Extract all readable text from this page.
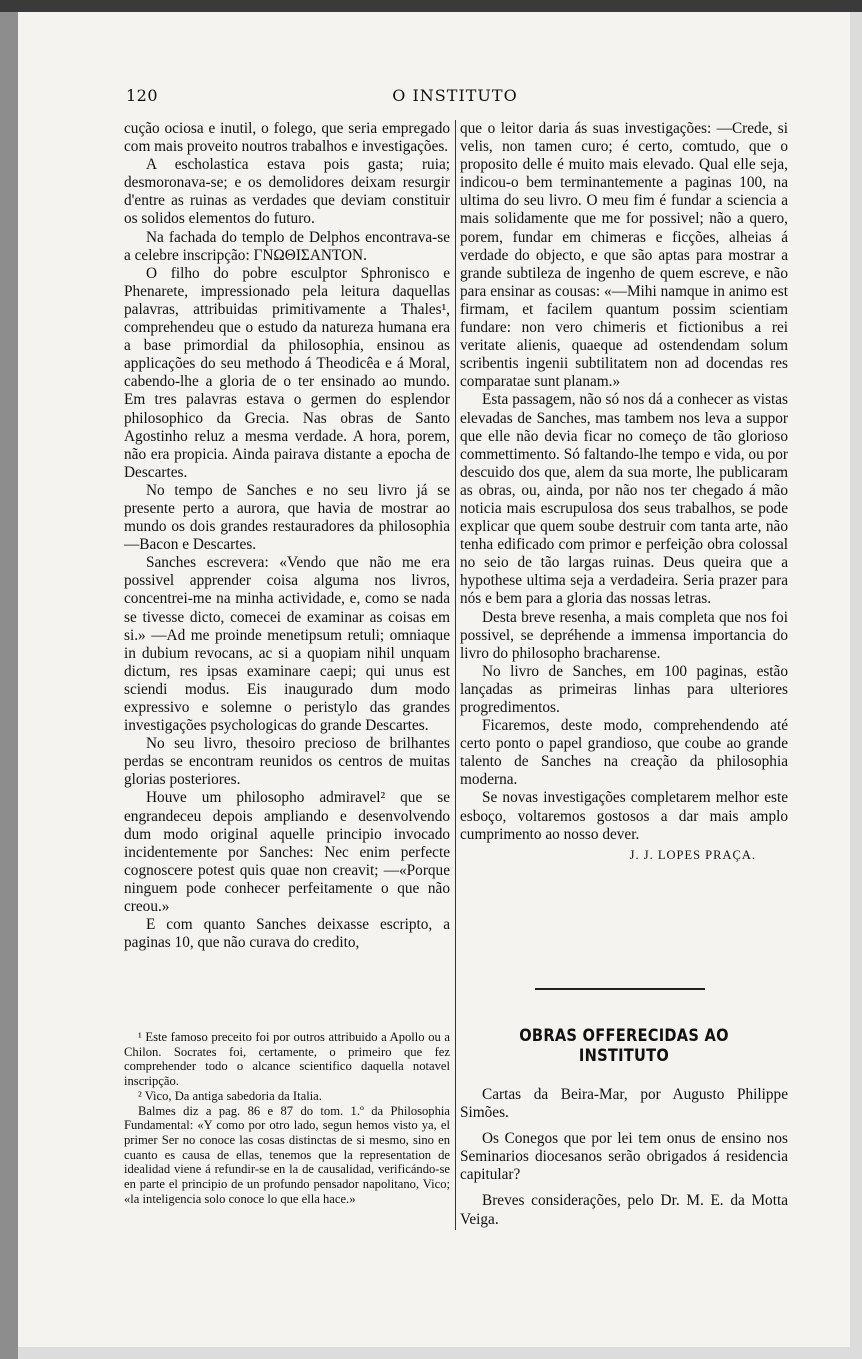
120	O INSTITUTO

cução ociosa e inutil, o folego, que seria empregado com mais proveito noutros trabalhos e investigações.

A escholastica estava pois gasta; ruia; desmoronava-se; e os demolidores deixam resurgir d'entre as ruinas as verdades que deviam constituir os solidos elementos do futuro.

Na fachada do templo de Delphos encontrava-se a celebre inscripção: ΓΝΩΘΙΣΑΝΤΟΝ.

O filho do pobre esculptor Sphronisco e Phenarete, impressionado pela leitura daquellas palavras, attribuidas primitivamente a Thales¹, comprehendeu que o estudo da natureza humana era a base primordial da philosophia, ensinou as applicações do seu methodo á Theodicêa e á Moral, cabendo-lhe a gloria de o ter ensinado ao mundo. Em tres palavras estava o germen do esplendor philosophico da Grecia. Nas obras de Santo Agostinho reluz a mesma verdade. A hora, porem, não era propicia. Ainda pairava distante a epocha de Descartes.

No tempo de Sanches e no seu livro já se presente perto a aurora, que havia de mostrar ao mundo os dois grandes restauradores da philosophia—Bacon e Descartes.

Sanches escrevera: «Vendo que não me era possivel apprender coisa alguma nos livros, concentrei-me na minha actividade, e, como se nada se tivesse dicto, comecei de examinar as coisas em si.» —Ad me proinde menetipsum retuli; omniaque in dubium revocans, ac si a quopiam nihil unquam dictum, res ipsas examinare caepi; qui unus est sciendi modus. Eis inaugurado dum modo expressivo e solemne o peristylo das grandes investigações psychologicas do grande Descartes.

No seu livro, thesoiro precioso de brilhantes perdas se encontram reunidos os centros de muitas glorias posteriores.

Houve um philosopho admiravel² que se engrandeceu depois ampliando e desenvolvendo dum modo original aquelle principio invocado incidentemente por Sanches: Nec enim perfecte cognoscere potest quis quae non creavit; —«Porque ninguem pode conhecer perfeitamente o que não creou.»

E com quanto Sanches deixasse escripto, a paginas 10, que não curava do credito,

¹ Este famoso preceito foi por outros attribuido a Apollo ou a Chilon. Socrates foi, certamente, o primeiro que fez comprehender todo o alcance scientifico daquella notavel inscripção.

² Vico, Da antiga sabedoria da Italia.

Balmes diz a pag. 86 e 87 do tom. 1.º da Philosophia Fundamental: «Y como por otro lado, segun hemos visto ya, el primer Ser no conoce las cosas distinctas de si mesmo, sino en cuanto es causa de ellas, tenemos que la representation de idealidad viene á refundir-se en la de causalidad, verificándo-se en parte el principio de un profundo pensador napolitano, Vico; «la inteligencia solo conoce lo que ella hace.»

que o leitor daria ás suas investigações: —Crede, si velis, non tamen curo; é certo, comtudo, que o proposito delle é muito mais elevado. Qual elle seja, indicou-o bem terminantemente a paginas 100, na ultima do seu livro. O meu fim é fundar a sciencia a mais solidamente que me for possivel; não a quero, porem, fundar em chimeras e ficções, alheias á verdade do objecto, e que são aptas para mostrar a grande subtileza de ingenho de quem escreve, e não para ensinar as cousas: «—Mihi namque in animo est firmam, et facilem quantum possim scientiam fundare: non vero chimeris et fictionibus a rei veritate alienis, quaeque ad ostendendam solum scribentis ingenii subtilitatem non ad docendas res comparatae sunt planam.»

Esta passagem, não só nos dá a conhecer as vistas elevadas de Sanches, mas tambem nos leva a suppor que elle não devia ficar no começo de tão glorioso commettimento. Só faltando-lhe tempo e vida, ou por descuido dos que, alem da sua morte, lhe publicaram as obras, ou, ainda, por não nos ter chegado á mão noticia mais escrupulosa dos seus trabalhos, se pode explicar que quem soube destruir com tanta arte, não tenha edificado com primor e perfeição obra colossal no seio de tão largas ruinas. Deus queira que a hypothese ultima seja a verdadeira. Seria prazer para nós e bem para a gloria das nossas letras.

Desta breve resenha, a mais completa que nos foi possivel, se depréhende a immensa importancia do livro do philosopho bracharense.

No livro de Sanches, em 100 paginas, estão lançadas as primeiras linhas para ulteriores progredimentos.

Ficaremos, deste modo, comprehendendo até certo ponto o papel grandioso, que coube ao grande talento de Sanches na creação da philosophia moderna.

Se novas investigações completarem melhor este esboço, voltaremos gostosos a dar mais amplo cumprimento ao nosso dever.

J. J. LOPES PRAÇA.
OBRAS OFFERECIDAS AO INSTITUTO

Cartas da Beira-Mar, por Augusto Philippe Simões.

Os Conegos que por lei tem onus de ensino nos Seminarios diocesanos serão obrigados á residencia capitular?

Breves considerações, pelo Dr. M. E. da Motta Veiga.
